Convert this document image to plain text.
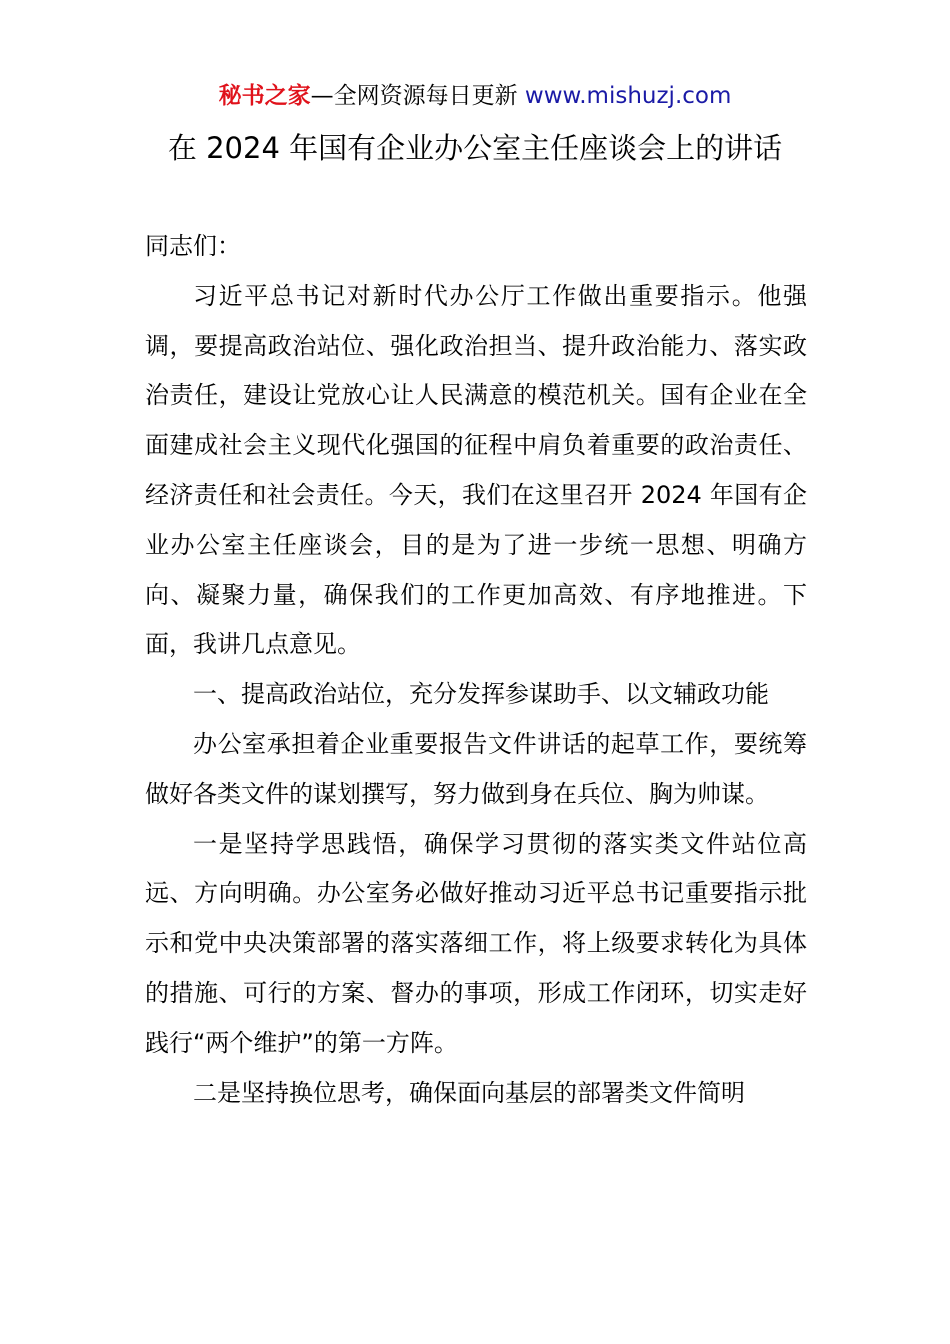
秘书之家—全网资源每日更新 www.mishuzj.com
在 2024 年国有企业办公室主任座谈会上的讲话

同志们：

习近平总书记对新时代办公厅工作做出重要指示。他强调，要提高政治站位、强化政治担当、提升政治能力、落实政治责任，建设让党放心让人民满意的模范机关。国有企业在全面建成社会主义现代化强国的征程中肩负着重要的政治责任、经济责任和社会责任。今天，我们在这里召开 2024 年国有企业办公室主任座谈会，目的是为了进一步统一思想、明确方向、凝聚力量，确保我们的工作更加高效、有序地推进。下面，我讲几点意见。

一、提高政治站位，充分发挥参谋助手、以文辅政功能

办公室承担着企业重要报告文件讲话的起草工作，要统筹做好各类文件的谋划撰写，努力做到身在兵位、胸为帅谋。

一是坚持学思践悟，确保学习贯彻的落实类文件站位高远、方向明确。办公室务必做好推动习近平总书记重要指示批示和党中央决策部署的落实落细工作，将上级要求转化为具体的措施、可行的方案、督办的事项，形成工作闭环，切实走好践行“两个维护”的第一方阵。

二是坚持换位思考，确保面向基层的部署类文件简明
